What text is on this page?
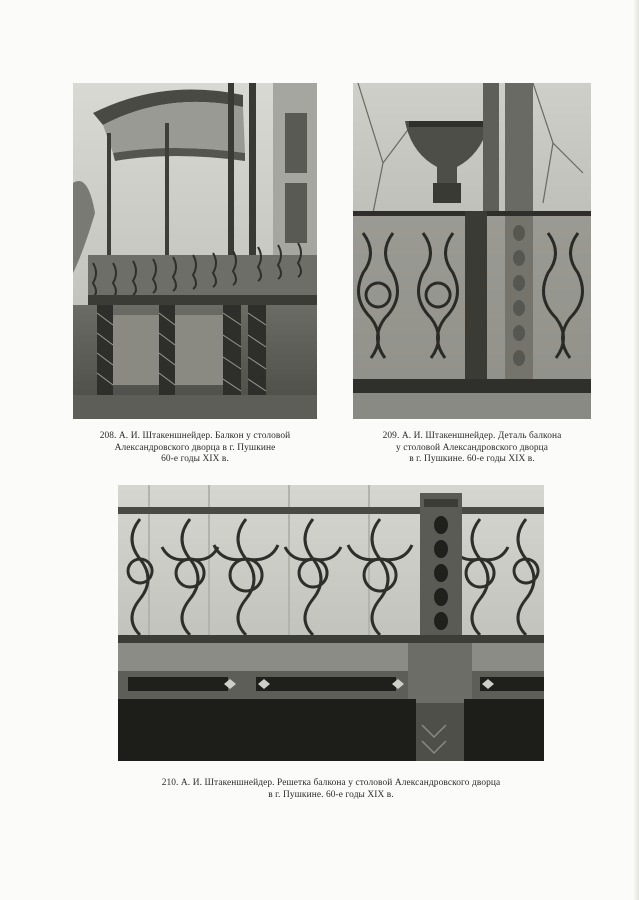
208. А. И. Штакеншнейдер. Балкон у столовой
Александровского дворца в г. Пушкине
60-е годы XIX в.
209. А. И. Штакеншнейдер. Деталь балкона
у столовой Александровского дворца
в г. Пушкине. 60-е годы XIX в.
210. А. И. Штакеншнейдер. Решетка балкона у столовой Александровского дворца
в г. Пушкине. 60-е годы XIX в.
